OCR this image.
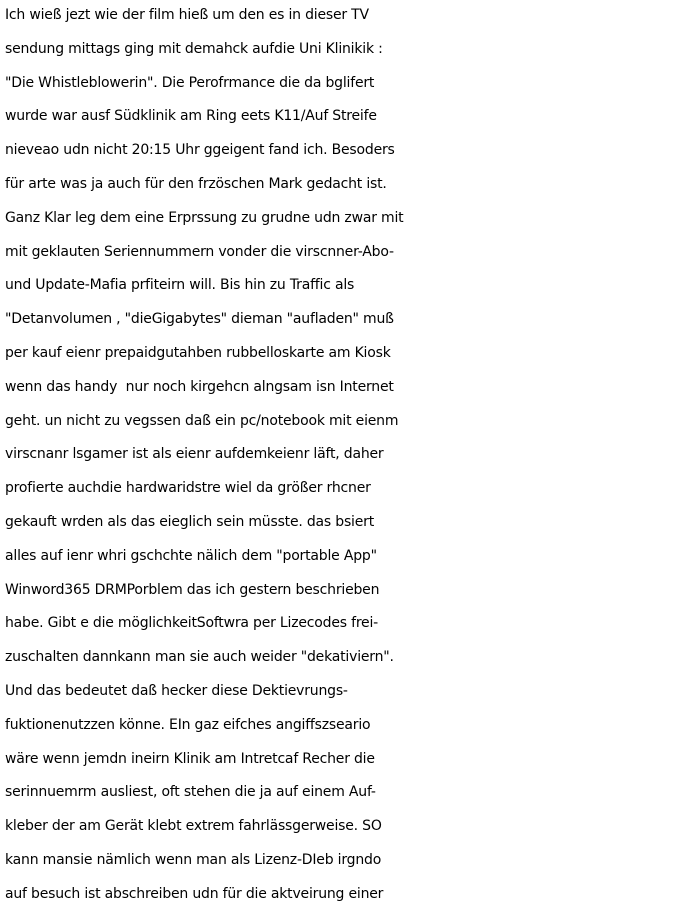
Ich wieß jezt wie der film hieß um den es in dieser TV
sendung mittags ging mit demahck aufdie Uni Klinikik :
"Die Whistleblowerin". Die Perofrmance die da bglifert
wurde war ausf Südklinik am Ring eets K11/Auf Streife
nieveao udn nicht 20:15 Uhr ggeigent fand ich. Besoders
für arte was ja auch für den frzöschen Mark gedacht ist.
Ganz Klar leg dem eine Erprssung zu grudne udn zwar mit
mit geklauten Seriennummern vonder die virscnner-Abo-
und Update-Mafia prfiteirn will. Bis hin zu Traffic als
"Detanvolumen , "dieGigabytes" dieman "aufladen" muß
per kauf eienr prepaidgutahben rubbelloskarte am Kiosk
wenn das handy  nur noch kirgehcn alngsam isn Internet
geht. un nicht zu vegssen daß ein pc/notebook mit eienm
virscnanr lsgamer ist als eienr aufdemkeienr läft, daher
profierte auchdie hardwaridstre wiel da größer rhcner
gekauft wrden als das eieglich sein müsste. das bsiert
alles auf ienr whri gschchte nälich dem "portable App"
Winword365 DRMPorblem das ich gestern beschrieben
habe. Gibt e die möglichkeitSoftwra per Lizecodes frei-
zuschalten dannkann man sie auch weider "dekativiern".
Und das bedeutet daß hecker diese Dektievrungs-
fuktionenutzzen könne. EIn gaz eifches angiffszseario
wäre wenn jemdn ineirn Klinik am Intretcaf Recher die
serinnuemrm ausliest, oft stehen die ja auf einem Auf-
kleber der am Gerät klebt extrem fahrlässgerweise. SO
kann mansie nämlich wenn man als Lizenz-DIeb irgndo
auf besuch ist abschreiben udn für die aktveirung einer
